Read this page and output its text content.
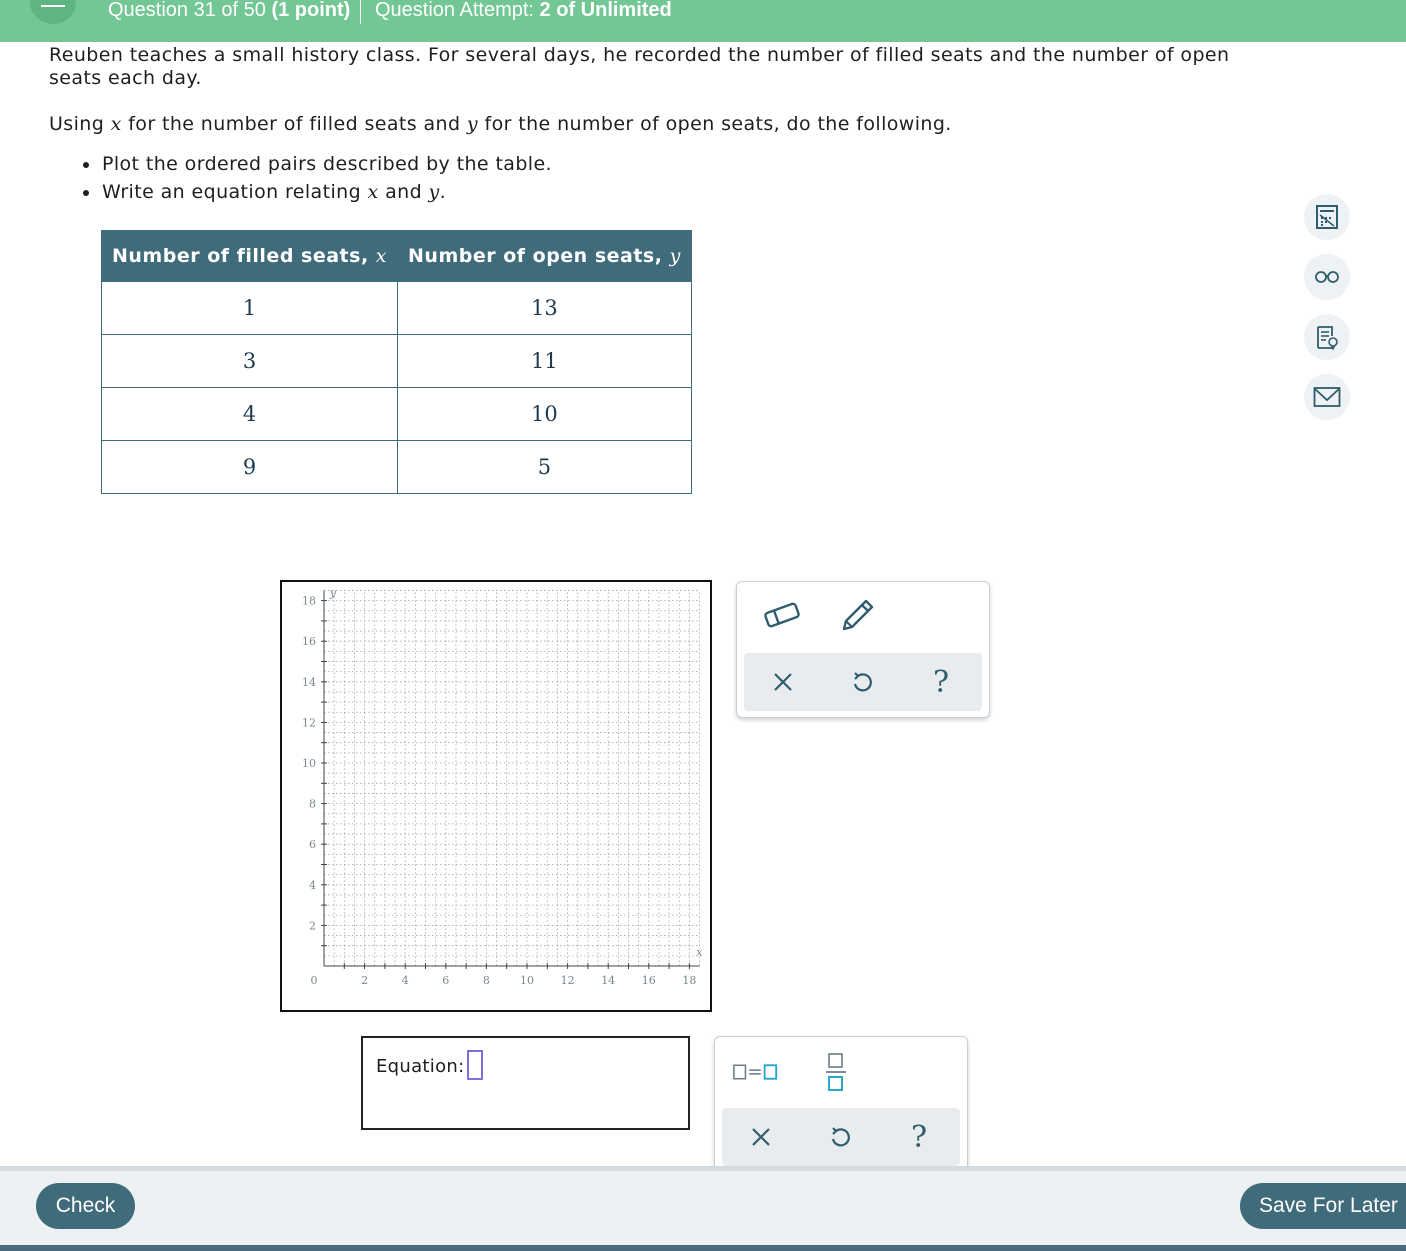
Question 31 of 50 (1 point) Question Attempt: 2 of Unlimited

Reuben teaches a small history class. For several days, he recorded the number of filled seats and the number of open seats each day.

Using x for the number of filled seats and y for the number of open seats, do the following.

• Plot the ordered pairs described by the table.
• Write an equation relating x and y.
Number of filled seats, x	Number of open seats, y
1	13
3	11
4	10
9	5
2	4	6	8	10 12 14 16 18
2
4
6
8
10
12
14
16
18
0
x
y
?
Equation:
?
Check	Save For Later
